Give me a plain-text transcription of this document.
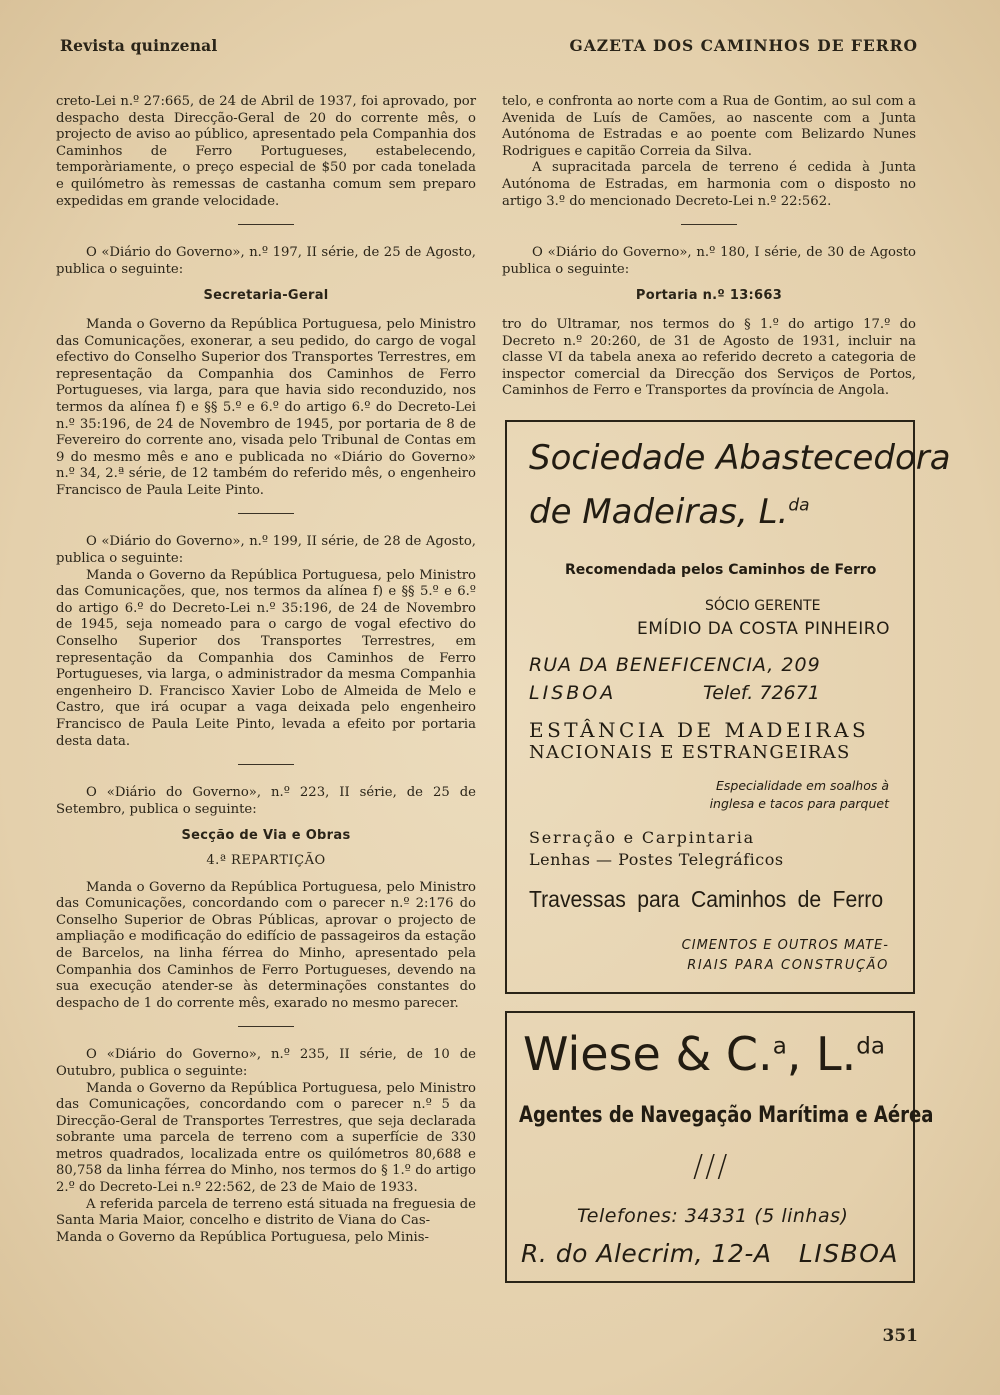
Revista quinzenal	GAZETA DOS CAMINHOS DE FERRO

creto-Lei n.º 27:665, de 24 de Abril de 1937, foi aprovado, por despacho desta Direcção-Geral de 20 do corrente mês, o projecto de aviso ao público, apresentado pela Companhia dos Caminhos de Ferro Portugueses, estabelecendo, temporàriamente, o preço especial de $50 por cada tonelada e quilómetro às remessas de castanha comum sem preparo expedidas em grande velocidade.

O «Diário do Governo», n.º 197, II série, de 25 de Agosto, publica o seguinte:

Secretaria-Geral

Manda o Governo da República Portuguesa, pelo Ministro das Comunicações, exonerar, a seu pedido, do cargo de vogal efectivo do Conselho Superior dos Transportes Terrestres, em representação da Companhia dos Caminhos de Ferro Portugueses, via larga, para que havia sido reconduzido, nos termos da alínea f) e §§ 5.º e 6.º do artigo 6.º do Decreto-Lei n.º 35:196, de 24 de Novembro de 1945, por portaria de 8 de Fevereiro do corrente ano, visada pelo Tribunal de Contas em 9 do mesmo mês e ano e publicada no «Diário do Governo» n.º 34, 2.ª série, de 12 também do referido mês, o engenheiro Francisco de Paula Leite Pinto.

O «Diário do Governo», n.º 199, II série, de 28 de Agosto, publica o seguinte:

Manda o Governo da República Portuguesa, pelo Ministro das Comunicações, que, nos termos da alínea f) e §§ 5.º e 6.º do artigo 6.º do Decreto-Lei n.º 35:196, de 24 de Novembro de 1945, seja nomeado para o cargo de vogal efectivo do Conselho Superior dos Transportes Terrestres, em representação da Companhia dos Caminhos de Ferro Portugueses, via larga, o administrador da mesma Companhia engenheiro D. Francisco Xavier Lobo de Almeida de Melo e Castro, que irá ocupar a vaga deixada pelo engenheiro Francisco de Paula Leite Pinto, levada a efeito por portaria desta data.

O «Diário do Governo», n.º 223, II série, de 25 de Setembro, publica o seguinte:

Secção de Via e Obras
4.ª REPARTIÇÃO

Manda o Governo da República Portuguesa, pelo Ministro das Comunicações, concordando com o parecer n.º 2:176 do Conselho Superior de Obras Públicas, aprovar o projecto de ampliação e modificação do edifício de passageiros da estação de Barcelos, na linha férrea do Minho, apresentado pela Companhia dos Caminhos de Ferro Portugueses, devendo na sua execução atender-se às determinações constantes do despacho de 1 do corrente mês, exarado no mesmo parecer.

O «Diário do Governo», n.º 235, II série, de 10 de Outubro, publica o seguinte:

Manda o Governo da República Portuguesa, pelo Ministro das Comunicações, concordando com o parecer n.º 5 da Direcção-Geral de Transportes Terrestres, que seja declarada sobrante uma parcela de terreno com a superfície de 330 metros quadrados, localizada entre os quilómetros 80,688 e 80,758 da linha férrea do Minho, nos termos do § 1.º do artigo 2.º do Decreto-Lei n.º 22:562, de 23 de Maio de 1933.

A referida parcela de terreno está situada na freguesia de Santa Maria Maior, concelho e distrito de Viana do Cas-

Manda o Governo da República Portuguesa, pelo Minis-

telo, e confronta ao norte com a Rua de Gontim, ao sul com a Avenida de Luís de Camões, ao nascente com a Junta Autónoma de Estradas e ao poente com Belizardo Nunes Rodrigues e capitão Correia da Silva.

A supracitada parcela de terreno é cedida à Junta Autónoma de Estradas, em harmonia com o disposto no artigo 3.º do mencionado Decreto-Lei n.º 22:562.

O «Diário do Governo», n.º 180, I série, de 30 de Agosto publica o seguinte:

Portaria n.º 13:663

tro do Ultramar, nos termos do § 1.º do artigo 17.º do Decreto n.º 20:260, de 31 de Agosto de 1931, incluir na classe VI da tabela anexa ao referido decreto a categoria de inspector comercial da Direcção dos Serviços de Portos, Caminhos de Ferro e Transportes da província de Angola.

Sociedade Abastecedora
de Madeiras, L.$^{da}$
Recomendada pelos Caminhos de Ferro
SÓCIO GERENTE
EMÍDIO DA COSTA PINHEIRO
RUA DA BENEFICENCIA, 209
LISBOA	Telef. 72671
ESTÂNCIA DE MADEIRAS
NACIONAIS E ESTRANGEIRAS
Especialidade em soalhos à
inglesa e tacos para parquet
Serração e Carpintaria
Lenhas — Postes Telegráficos
Travessas para Caminhos de Ferro
CIMENTOS E OUTROS MATE-
RIAIS PARA CONSTRUÇÃO
Wiese & C.$^a$, L.$^{da}$
Agentes de Navegação Marítima e Aérea
///
Telefones: 34331 (5 linhas)
R. do Alecrim, 12-A LISBOA
351
